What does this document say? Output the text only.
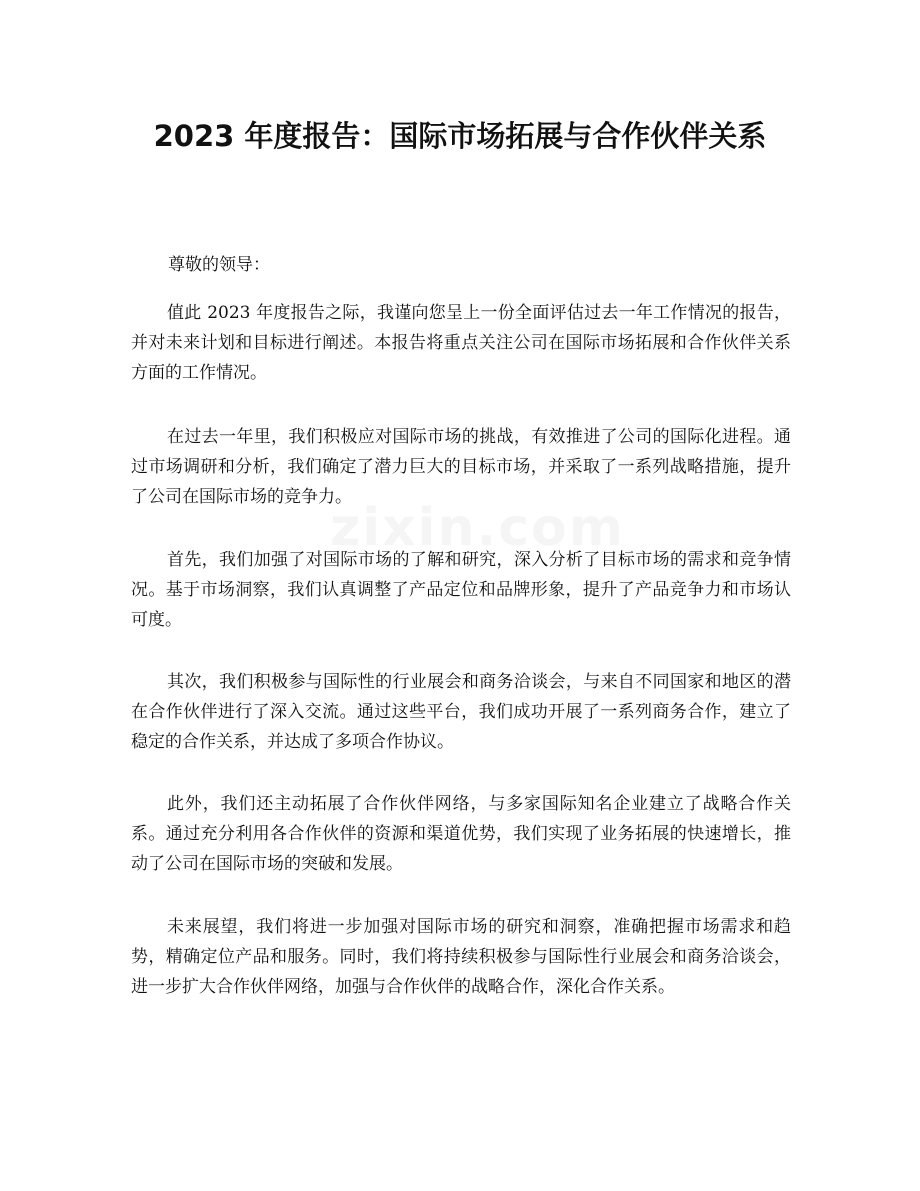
2023 年度报告：国际市场拓展与合作伙伴关系

尊敬的领导：

值此 2023 年度报告之际，我谨向您呈上一份全面评估过去一年工作情况的报告，并对未来计划和目标进行阐述。本报告将重点关注公司在国际市场拓展和合作伙伴关系方面的工作情况。

在过去一年里，我们积极应对国际市场的挑战，有效推进了公司的国际化进程。通过市场调研和分析，我们确定了潜力巨大的目标市场，并采取了一系列战略措施，提升了公司在国际市场的竞争力。

首先，我们加强了对国际市场的了解和研究，深入分析了目标市场的需求和竞争情况。基于市场洞察，我们认真调整了产品定位和品牌形象，提升了产品竞争力和市场认可度。

其次，我们积极参与国际性的行业展会和商务洽谈会，与来自不同国家和地区的潜在合作伙伴进行了深入交流。通过这些平台，我们成功开展了一系列商务合作，建立了稳定的合作关系，并达成了多项合作协议。

此外，我们还主动拓展了合作伙伴网络，与多家国际知名企业建立了战略合作关系。通过充分利用各合作伙伴的资源和渠道优势，我们实现了业务拓展的快速增长，推动了公司在国际市场的突破和发展。

未来展望，我们将进一步加强对国际市场的研究和洞察，准确把握市场需求和趋势，精确定位产品和服务。同时，我们将持续积极参与国际性行业展会和商务洽谈会，进一步扩大合作伙伴网络，加强与合作伙伴的战略合作，深化合作关系。

zixin.com
